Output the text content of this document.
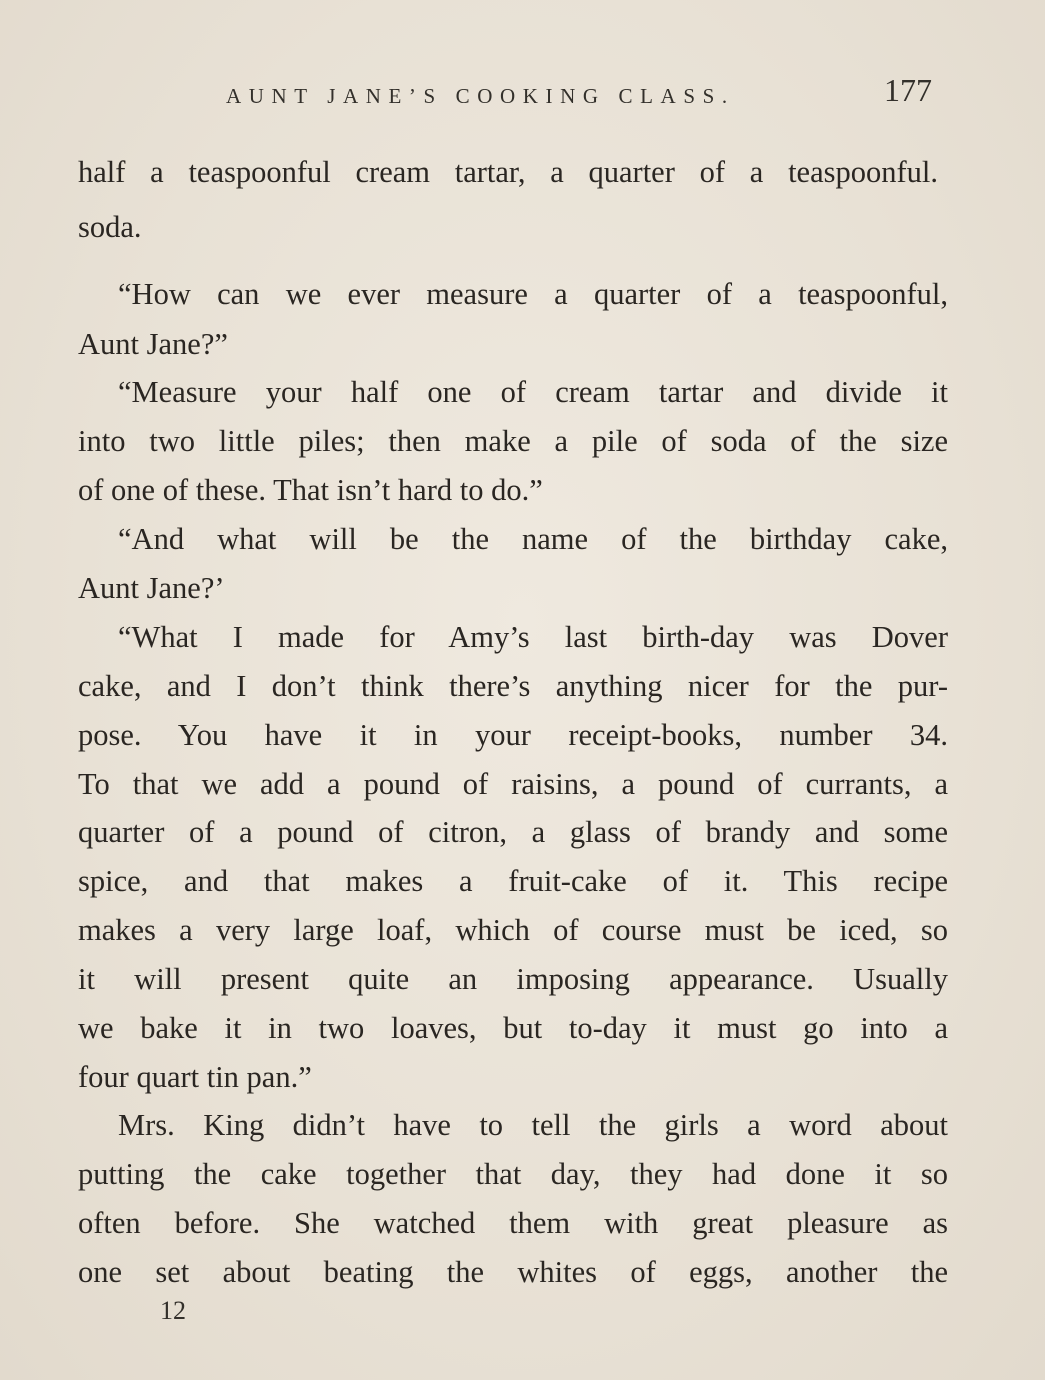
AUNT JANE’S COOKING CLASS.	177
half a teaspoonful cream tartar, a quarter of a teaspoonful.
soda.
“How can we ever measure a quarter of a teaspoonful,
Aunt Jane?”
“Measure your half one of cream tartar and divide it
into two little piles; then make a pile of soda of the size
of one of these. That isn’t hard to do.”
“And what will be the name of the birthday cake,
Aunt Jane?’
“What I made for Amy’s last birth-day was Dover
cake, and I don’t think there’s anything nicer for the pur-
pose. You have it in your receipt-books, number 34.
To that we add a pound of raisins, a pound of currants, a
quarter of a pound of citron, a glass of brandy and some
spice, and that makes a fruit-cake of it. This recipe
makes a very large loaf, which of course must be iced, so
it will present quite an imposing appearance. Usually
we bake it in two loaves, but to-day it must go into a
four quart tin pan.”
Mrs. King didn’t have to tell the girls a word about
putting the cake together that day, they had done it so
often before. She watched them with great pleasure as
one set about beating the whites of eggs, another the
12
